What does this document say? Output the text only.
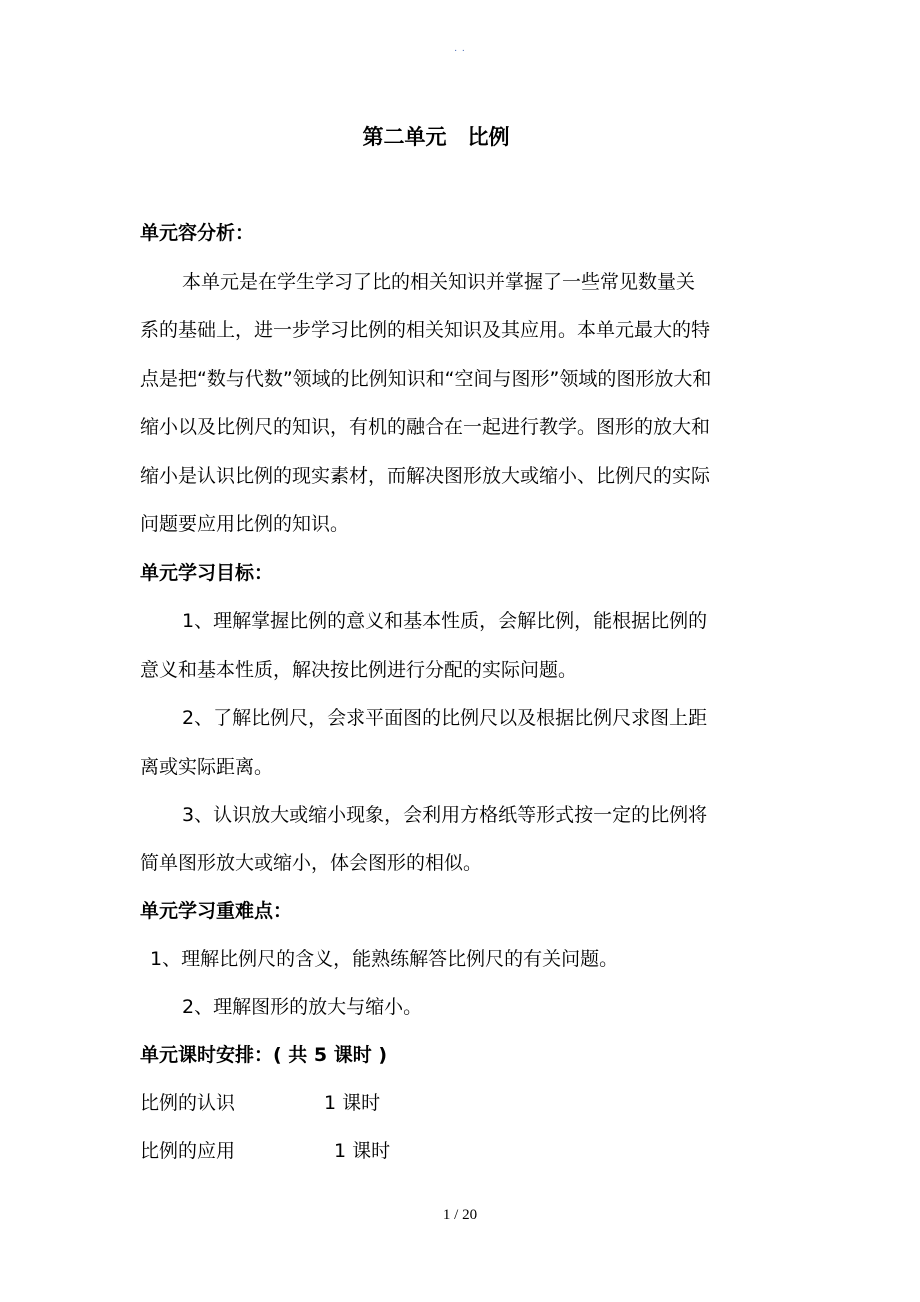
. .
第二单元　比例
单元容分析：
本单元是在学生学习了比的相关知识并掌握了一些常见数量关
系的基础上，进一步学习比例的相关知识及其应用。本单元最大的特
点是把“数与代数”领域的比例知识和“空间与图形”领域的图形放大和
缩小以及比例尺的知识，有机的融合在一起进行教学。图形的放大和
缩小是认识比例的现实素材，而解决图形放大或缩小、比例尺的实际
问题要应用比例的知识。
单元学习目标：
1、理解掌握比例的意义和基本性质，会解比例，能根据比例的
意义和基本性质，解决按比例进行分配的实际问题。
2、了解比例尺，会求平面图的比例尺以及根据比例尺求图上距
离或实际距离。
3、认识放大或缩小现象，会利用方格纸等形式按一定的比例将
简单图形放大或缩小，体会图形的相似。
单元学习重难点：
1、理解比例尺的含义，能熟练解答比例尺的有关问题。
2、理解图形的放大与缩小。
单元课时安排：( 共 5 课时 )
比例的认识	1 课时
比例的应用	1 课时
1 / 20
